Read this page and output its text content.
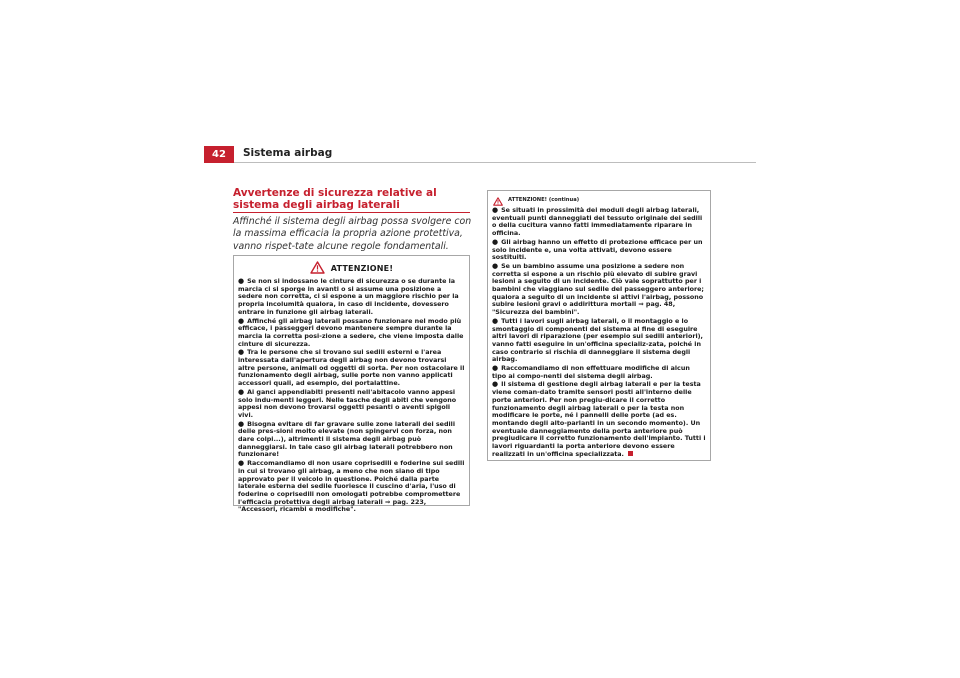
42	Sistema airbag
Avvertenze di sicurezza relative al sistema degli airbag laterali
Affinché il sistema degli airbag possa svolgere con la massima efficacia la propria azione protettiva, vanno rispet-tate alcune regole fondamentali.
ATTENZIONE!
● Se non si indossano le cinture di sicurezza o se durante la marcia ci si sporge in avanti o si assume una posizione a sedere non corretta, ci si espone a un maggiore rischio per la propria incolumità qualora, in caso di incidente, dovessero entrare in funzione gli airbag laterali.
● Affinché gli airbag laterali possano funzionare nel modo più efficace, i passeggeri devono mantenere sempre durante la marcia la corretta posi-zione a sedere, che viene imposta dalle cinture di sicurezza.
● Tra le persone che si trovano sui sedili esterni e l'area interessata dall'apertura degli airbag non devono trovarsi altre persone, animali od oggetti di sorta. Per non ostacolare il funzionamento degli airbag, sulle porte non vanno applicati accessori quali, ad esempio, dei portalattine.
● Ai ganci appendiabiti presenti nell'abitacolo vanno appesi solo indu-menti leggeri. Nelle tasche degli abiti che vengono appesi non devono trovarsi oggetti pesanti o aventi spigoli vivi.
● Bisogna evitare di far gravare sulle zone laterali dei sedili delle pres-sioni molto elevate (non spingervi con forza, non dare colpi...), altrimenti il sistema degli airbag può danneggiarsi. In tale caso gli airbag laterali potrebbero non funzionare!
● Raccomandiamo di non usare coprisedili e foderine sui sedili in cui si trovano gli airbag, a meno che non siano di tipo approvato per il veicolo in questione. Poiché dalla parte laterale esterna del sedile fuoriesce il cuscino d'aria, l'uso di foderine o coprisedili non omologati potrebbe compromettere l'efficacia protettiva degli airbag laterali ⇒ pag. 223, "Accessori, ricambi e modifiche".
ATTENZIONE! (continua)
● Se situati in prossimità dei moduli degli airbag laterali, eventuali punti danneggiati del tessuto originale dei sedili o della cucitura vanno fatti immediatamente riparare in officina.
● Gli airbag hanno un effetto di protezione efficace per un solo incidente e, una volta attivati, devono essere sostituiti.
● Se un bambino assume una posizione a sedere non corretta si espone a un rischio più elevato di subire gravi lesioni a seguito di un incidente. Ciò vale soprattutto per i bambini che viaggiano sul sedile del passeggero anteriore; qualora a seguito di un incidente si attivi l'airbag, possono subire lesioni gravi o addirittura mortali ⇒ pag. 48, "Sicurezza dei bambini".
● Tutti i lavori sugli airbag laterali, o il montaggio e lo smontaggio di componenti del sistema al fine di eseguire altri lavori di riparazione (per esempio sui sedili anteriori), vanno fatti eseguire in un'officina specializ-zata, poiché in caso contrario si rischia di danneggiare il sistema degli airbag.
● Raccomandiamo di non effettuare modifiche di alcun tipo ai compo-nenti del sistema degli airbag.
● Il sistema di gestione degli airbag laterali e per la testa viene coman-dato tramite sensori posti all'interno delle porte anteriori. Per non pregiu-dicare il corretto funzionamento degli airbag laterali o per la testa non modificare le porte, né i pannelli delle porte (ad es. montando degli alto-parlanti in un secondo momento). Un eventuale danneggiamento della porta anteriore può pregiudicare il corretto funzionamento dell'impianto. Tutti i lavori riguardanti la porta anteriore devono essere realizzati in un'officina specializzata.
